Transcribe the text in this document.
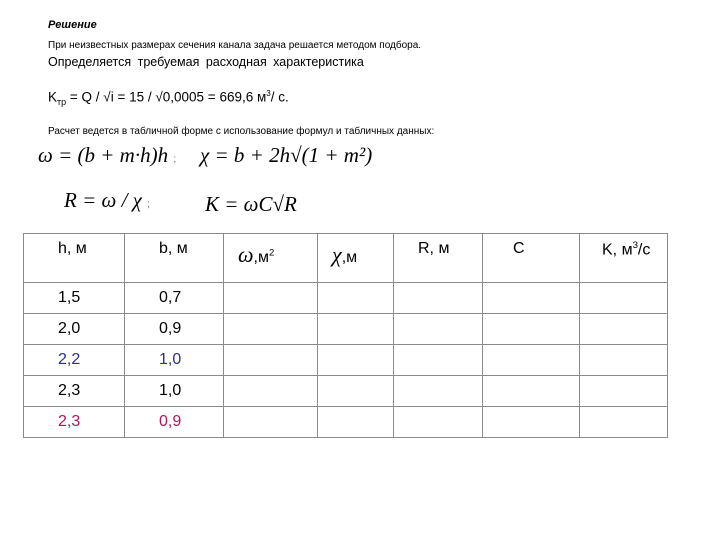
Решение
При неизвестных размерах сечения канала задача решается методом подбора.
Определяется требуемая расходная характеристика
$K_{тр} = Q / √i = 15 / √0,0005 = 669,6$ $м^3/$ с.
Расчет ведется в табличной форме с использование формул и табличных данных:
ω = (b + m·h)h ; χ = b + 2h√(1 + m²)
R = ω / χ ;	K = ωC√R
h, м	b, м	$\omega,м^2$	χ,м	R, м	C	K, $м^3/с$
1,5	0,7					
2,0	0,9					
2,2	1,0					
2,3	1,0					
2,3	0,9					
